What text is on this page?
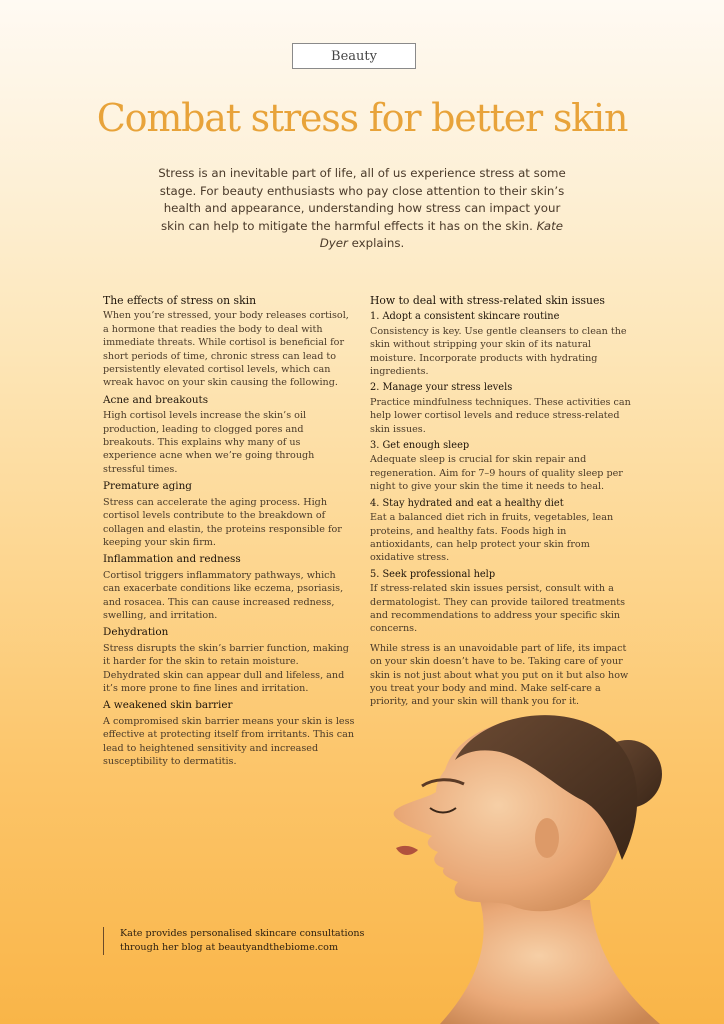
Beauty
Combat stress for better skin
Stress is an inevitable part of life, all of us experience stress at some stage. For beauty enthusiasts who pay close attention to their skin’s health and appearance, understanding how stress can impact your skin can help to mitigate the harmful effects it has on the skin. Kate Dyer explains.
The effects of stress on skin

When you’re stressed, your body releases cortisol, a hormone that readies the body to deal with immediate threats. While cortisol is beneficial for short periods of time, chronic stress can lead to persistently elevated cortisol levels, which can wreak havoc on your skin causing the following.

Acne and breakouts

High cortisol levels increase the skin’s oil production, leading to clogged pores and breakouts. This explains why many of us experience acne when we’re going through stressful times.

Premature aging

Stress can accelerate the aging process. High cortisol levels contribute to the breakdown of collagen and elastin, the proteins responsible for keeping your skin firm.

Inflammation and redness

Cortisol triggers inflammatory pathways, which can exacerbate conditions like eczema, psoriasis, and rosacea. This can cause increased redness, swelling, and irritation.

Dehydration

Stress disrupts the skin’s barrier function, making it harder for the skin to retain moisture. Dehydrated skin can appear dull and lifeless, and it’s more prone to fine lines and irritation.

A weakened skin barrier

A compromised skin barrier means your skin is less effective at protecting itself from irritants. This can lead to heightened sensitivity and increased susceptibility to dermatitis.

How to deal with stress-related skin issues
1. Adopt a consistent skincare routine

Consistency is key. Use gentle cleansers to clean the skin without stripping your skin of its natural moisture. Incorporate products with hydrating ingredients.

2. Manage your stress levels

Practice mindfulness techniques. These activities can help lower cortisol levels and reduce stress-related skin issues.

3. Get enough sleep

Adequate sleep is crucial for skin repair and regeneration. Aim for 7–9 hours of quality sleep per night to give your skin the time it needs to heal.

4. Stay hydrated and eat a healthy diet

Eat a balanced diet rich in fruits, vegetables, lean proteins, and healthy fats. Foods high in antioxidants, can help protect your skin from oxidative stress.

5. Seek professional help

If stress-related skin issues persist, consult with a dermatologist. They can provide tailored treatments and recommendations to address your specific skin concerns.

While stress is an unavoidable part of life, its impact on your skin doesn’t have to be. Taking care of your skin is not just about what you put on it but also how you treat your body and mind. Make self-care a priority, and your skin will thank you for it.

Kate provides personalised skincare consultations
through her blog at beautyandthebiome.com
